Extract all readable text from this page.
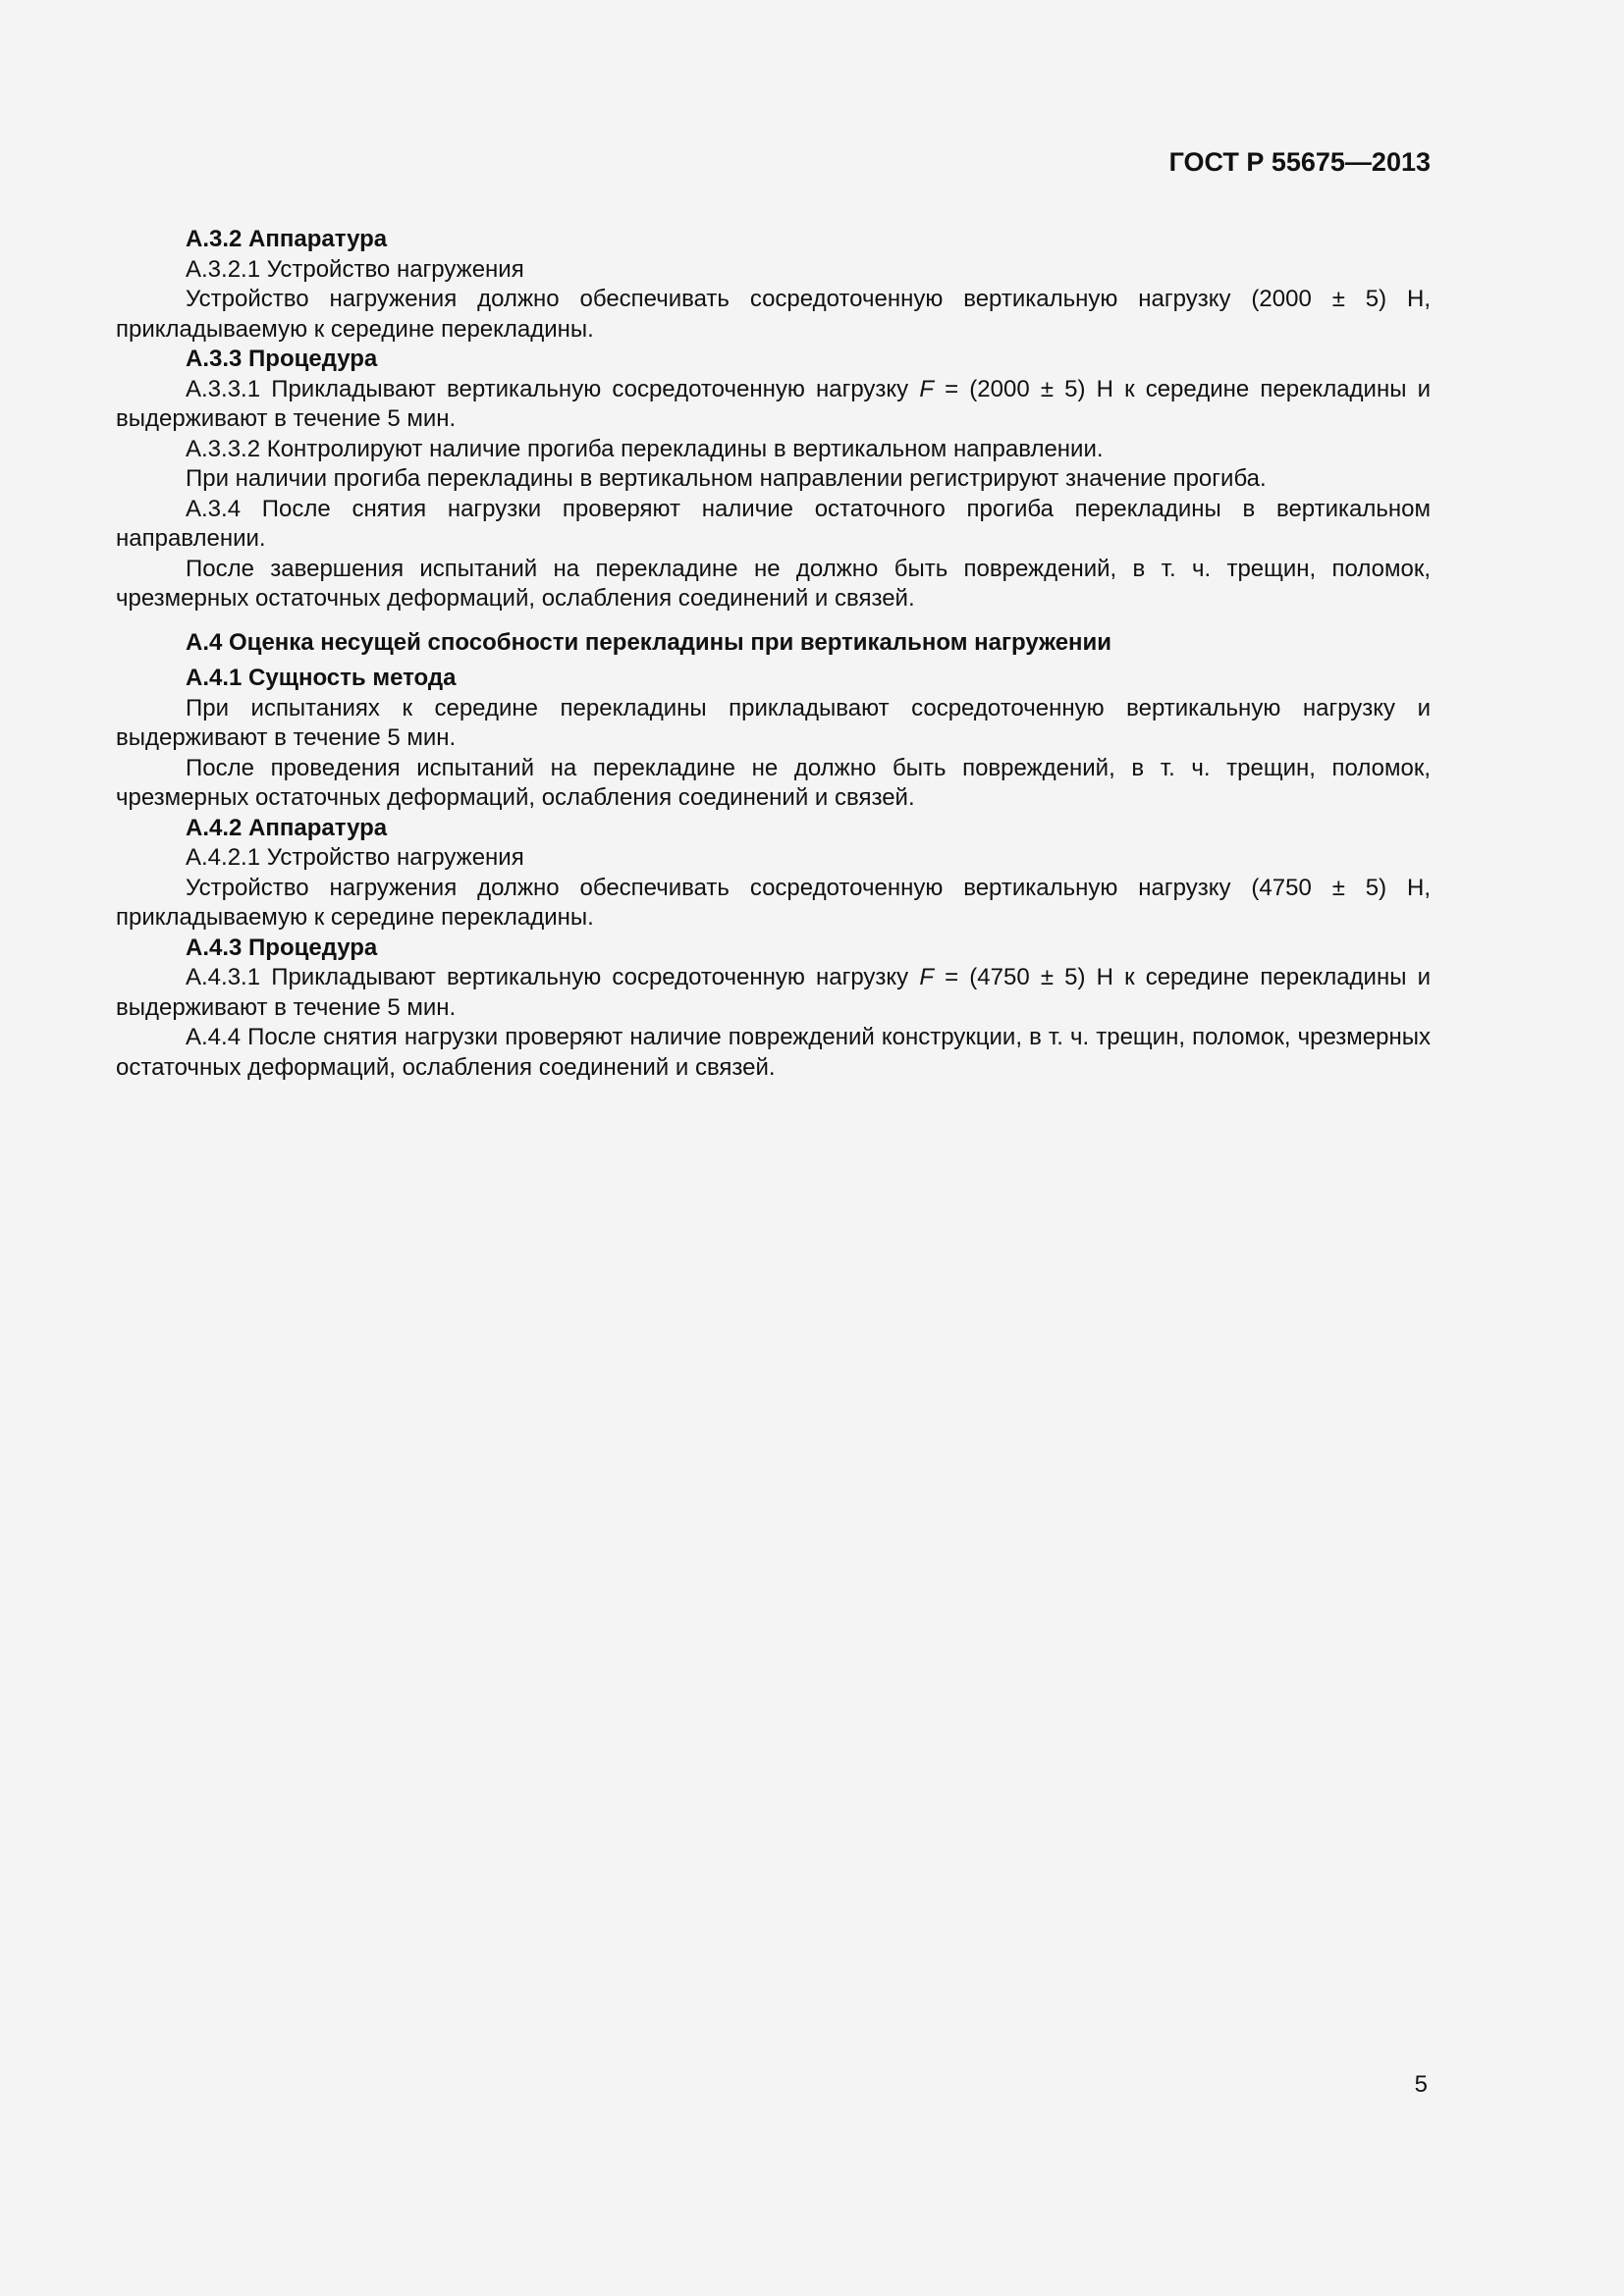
ГОСТ Р 55675—2013

А.3.2 Аппаратура

А.3.2.1 Устройство нагружения

Устройство нагружения должно обеспечивать сосредоточенную вертикальную нагрузку (2000 ± 5) Н, прикладываемую к середине перекладины.

А.3.3 Процедура

А.3.3.1 Прикладывают вертикальную сосредоточенную нагрузку F = (2000 ± 5) Н к середине перекладины и выдерживают в течение 5 мин.

А.3.3.2 Контролируют наличие прогиба перекладины в вертикальном направлении.

При наличии прогиба перекладины в вертикальном направлении регистрируют значение прогиба.

А.3.4 После снятия нагрузки проверяют наличие остаточного прогиба перекладины в вертикальном направлении.

После завершения испытаний на перекладине не должно быть повреждений, в т. ч. трещин, поломок, чрезмерных остаточных деформаций, ослабления соединений и связей.

А.4 Оценка несущей способности перекладины при вертикальном нагружении

А.4.1 Сущность метода

При испытаниях к середине перекладины прикладывают сосредоточенную вертикальную нагрузку и выдерживают в течение 5 мин.

После проведения испытаний на перекладине не должно быть повреждений, в т. ч. трещин, поломок, чрезмерных остаточных деформаций, ослабления соединений и связей.

А.4.2 Аппаратура

А.4.2.1 Устройство нагружения

Устройство нагружения должно обеспечивать сосредоточенную вертикальную нагрузку (4750 ± 5) Н, прикладываемую к середине перекладины.

А.4.3 Процедура

А.4.3.1 Прикладывают вертикальную сосредоточенную нагрузку F = (4750 ± 5) Н к середине перекладины и выдерживают в течение 5 мин.

А.4.4 После снятия нагрузки проверяют наличие повреждений конструкции, в т. ч. трещин, поломок, чрезмерных остаточных деформаций, ослабления соединений и связей.

5
